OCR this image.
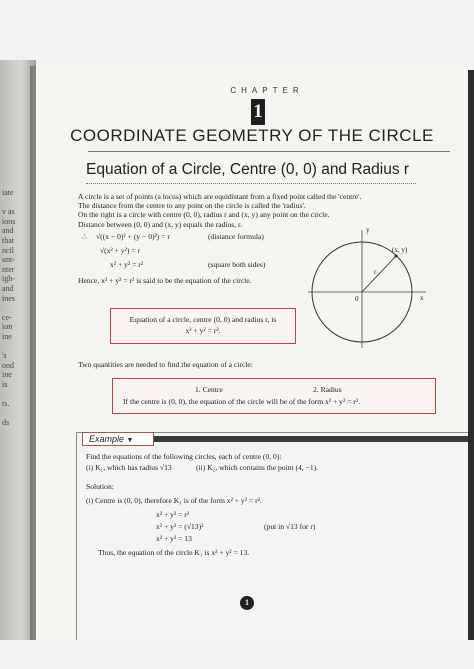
iate
v as
ions
and
that
ncil
unt-
nter
igh-
and
ines
ce-
ion
ine
's
ond
ine
is
ts.
ds
CHAPTER
1
COORDINATE GEOMETRY OF THE CIRCLE
Equation of a Circle, Centre (0, 0) and Radius r
A circle is a set of points (a locus) which are equidistant from a fixed point called the 'centre'.
The distance from the centre to any point on the circle is called the 'radius'.
On the right is a circle with centre (0, 0), radius r and (x, y) any point on the circle.
Distance between (0, 0) and (x, y) equals the radius, r.
∴ √((x − 0)² + (y − 0)²) = r	(distance formula)
√(x² + y²) = r
x² + y² = r²	(square both sides)
Hence, x² + y² = r² is said to be the equation of the circle.
y
x
0
(x, y)
r
Equation of a circle, centre (0, 0) and radius r, is
x² + y² = r².
Two quantities are needed to find the equation of a circle:
1. Centre	2. Radius
If the centre is (0, 0), the equation of the circle will be of the form x² + y² = r².
Example ▼
Find the equations of the following circles, each of centre (0, 0):
(i) K₁, which has radius √13	(ii) K₂, which contains the point (4, −1).
Solution:
(i) Centre is (0, 0), therefore K₁ is of the form x² + y² = r².
x² + y² = r²
x² + y² = (√13)²	(put in √13 for r)
x² + y² = 13
Thus, the equation of the circle K₁ is x² + y² = 13.
1
